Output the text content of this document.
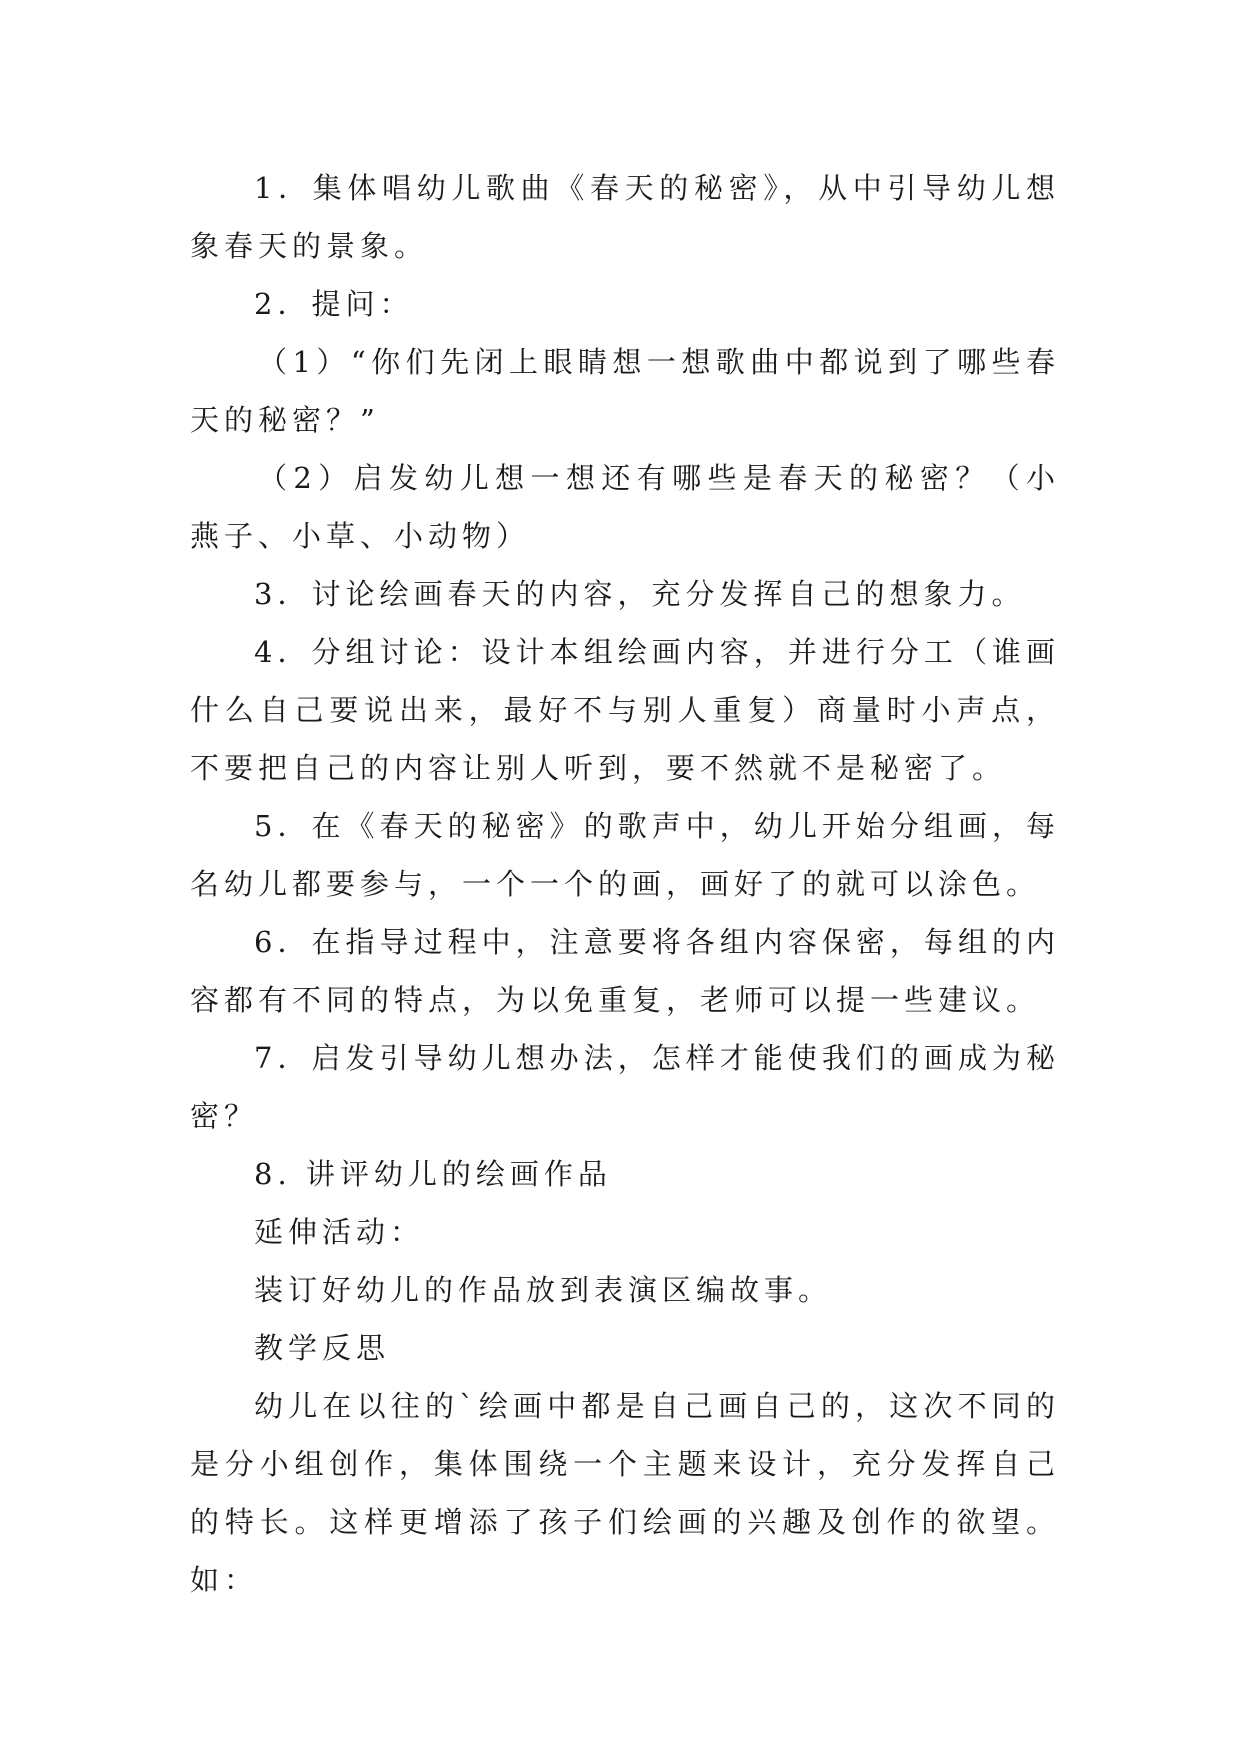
1．集体唱幼儿歌曲《春天的秘密》，从中引导幼儿想象春天的景象。

2．提问：

（1）“你们先闭上眼睛想一想歌曲中都说到了哪些春天的秘密？”

（2）启发幼儿想一想还有哪些是春天的秘密？（小燕子、小草、小动物）

3．讨论绘画春天的内容，充分发挥自己的想象力。

4．分组讨论：设计本组绘画内容，并进行分工（谁画什么自己要说出来，最好不与别人重复）商量时小声点，不要把自己的内容让别人听到，要不然就不是秘密了。

5．在《春天的秘密》的歌声中，幼儿开始分组画，每名幼儿都要参与，一个一个的画，画好了的就可以涂色。

6．在指导过程中，注意要将各组内容保密，每组的内容都有不同的特点，为以免重复，老师可以提一些建议。

7．启发引导幼儿想办法，怎样才能使我们的画成为秘密？

8. 讲评幼儿的绘画作品

延伸活动：

装订好幼儿的作品放到表演区编故事。

教学反思

幼儿在以往的`绘画中都是自己画自己的，这次不同的是分小组创作，集体围绕一个主题来设计，充分发挥自己的特长。这样更增添了孩子们绘画的兴趣及创作的欲望。如：
